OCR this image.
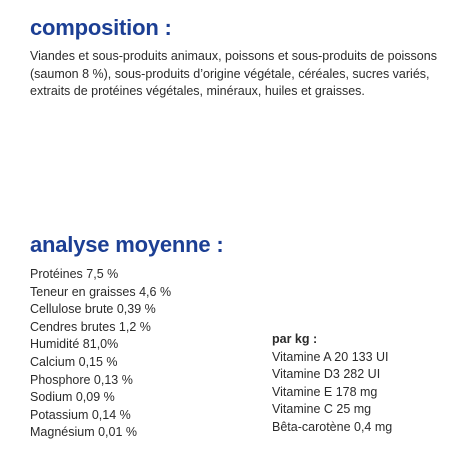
composition :

Viandes et sous-produits animaux, poissons et sous-produits de poissons (saumon 8 %), sous-produits d’origine végétale, céréales, sucres variés, extraits de protéines végétales, minéraux, huiles et graisses.

analyse moyenne :
Protéines 7,5 %
Teneur en graisses 4,6 %
Cellulose brute 0,39 %
Cendres brutes 1,2 %
Humidité 81,0%
Calcium 0,15 %
Phosphore 0,13 %
Sodium 0,09 %
Potassium 0,14 %
Magnésium 0,01 %
par kg :
Vitamine A 20 133 UI
Vitamine D3 282 UI
Vitamine E 178 mg
Vitamine C 25 mg
Bêta-carotène 0,4 mg
